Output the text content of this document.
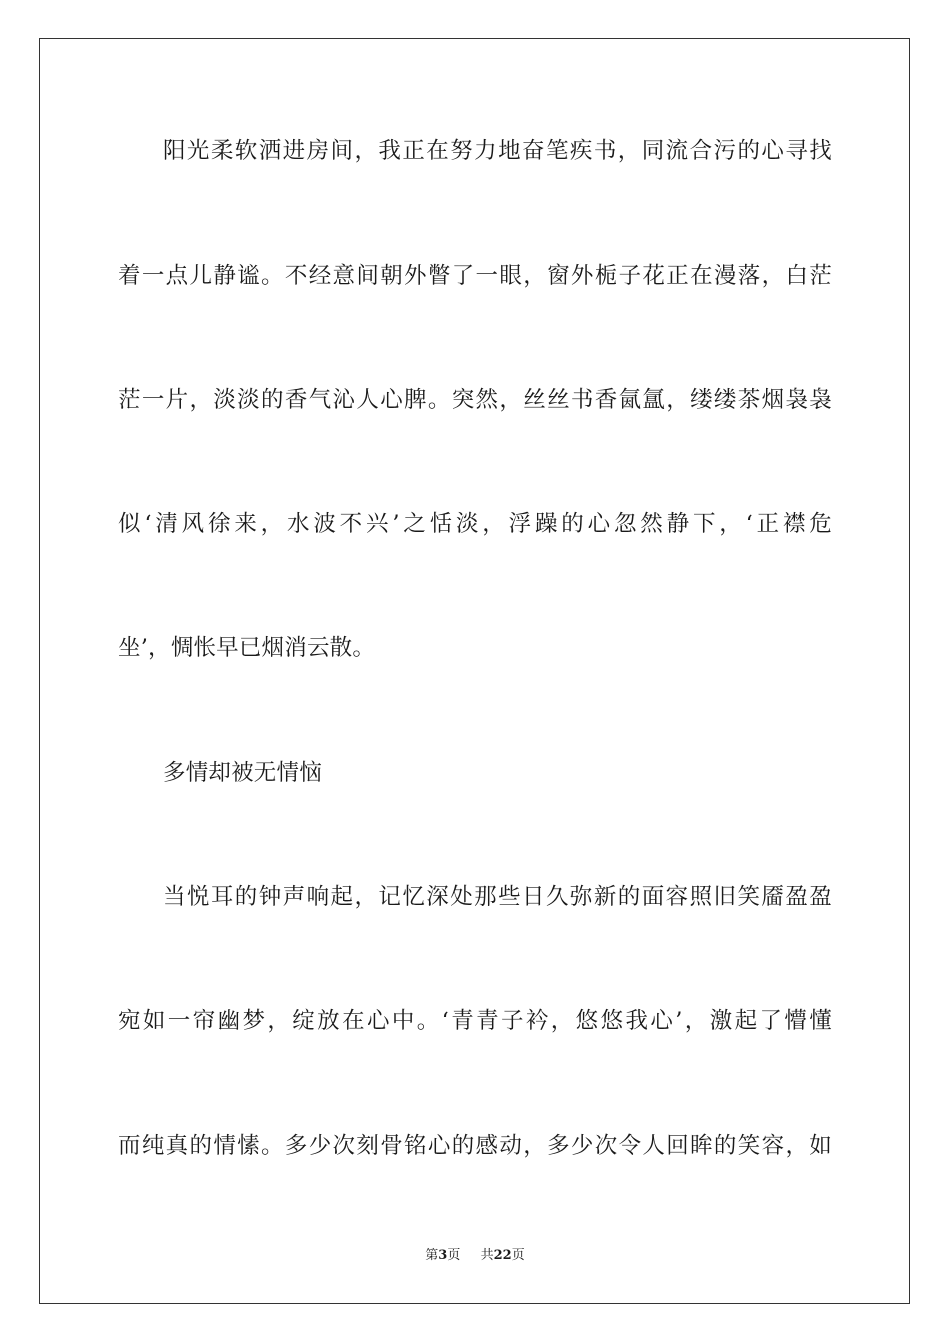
阳光柔软洒进房间，我正在努力地奋笔疾书，同流合污的心寻找
着一点儿静谧。不经意间朝外瞥了一眼，窗外栀子花正在漫落，白茫
茫一片，淡淡的香气沁人心脾。突然，丝丝书香氤氲，缕缕茶烟袅袅
似‘清风徐来，水波不兴’之恬淡，浮躁的心忽然静下，‘正襟危
坐’，惆怅早已烟消云散。
多情却被无情恼
当悦耳的钟声响起，记忆深处那些日久弥新的面容照旧笑靥盈盈
宛如一帘幽梦，绽放在心中。‘青青子衿，悠悠我心’，激起了懵懂
而纯真的情愫。多少次刻骨铭心的感动，多少次令人回眸的笑容，如
第3页 共22页
